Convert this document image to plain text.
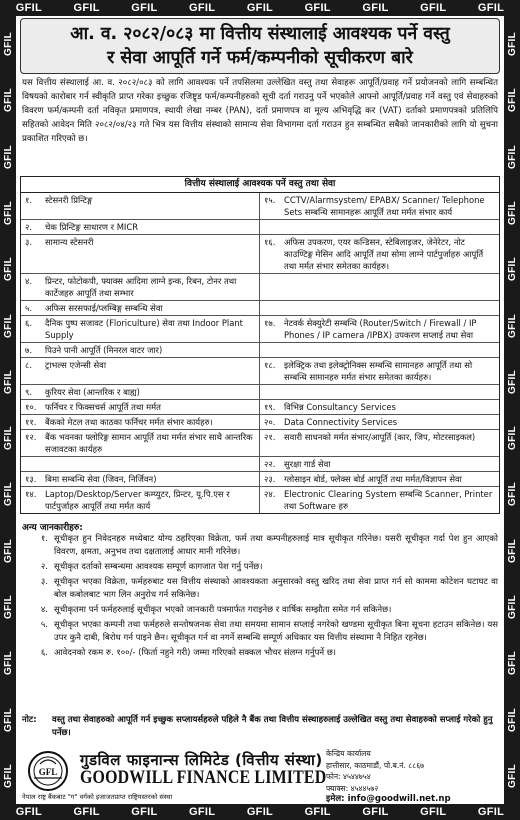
GFIL	GFIL	GFIL	GFIL	GFIL	GFIL	GFIL	GFIL	GFIL
GFIL	GFIL	GFIL	GFIL	GFIL	GFIL	GFIL	GFIL	GFIL
GFIL
GFIL
GFIL
GFIL
GFIL
GFIL
GFIL
GFIL
GFIL
GFIL
GFIL
GFIL
GFIL
GFIL
GFIL
GFIL
GFIL
GFIL
GFIL
GFIL
GFIL
GFIL
GFIL
GFIL
GFIL
GFIL
GFIL
GFIL
आ. व. २०८२/०८३ मा वित्तीय संस्थालाई आवश्यक पर्ने वस्तु
र सेवा आपूर्ति गर्ने फर्म/कम्पनीको सूचीकरण बारे
यस वित्तीय संस्थालाई आ. व. २०८२/०८३ को लागि आवश्यक पर्ने तपसिलमा उल्लेखित वस्तु तथा सेवाहरू आपूर्ति/प्रवाह गर्ने प्रयोजनको लागि सम्बन्धित विषयको कारोबार गर्न स्वीकृति प्राप्त गरेका इच्छुक रजिष्ट्र्ड फर्म/कम्पनीहरुको सूची दर्ता गराउनु पर्ने भएकोले आफ्नो आपूर्ति/प्रवाह गर्ने वस्तु एवं सेवाहरुको विवरण फर्म/कम्पनी दर्ता नविकृत प्रमाणपत्र, स्थायी लेखा नम्बर (PAN), दर्ता प्रमाणपत्र वा मूल्य अभिवृद्धि कर (VAT) दर्ताको प्रमाणपत्रको प्रतिलिपि सहितको आवेदन मिति २०८२/०४/२३ गते भित्र यस वित्तीय संस्थाको सामान्य सेवा विभागमा दर्ता गराउन हुन सम्बन्धित सबैको जानकारीको लागि यो सुचना प्रकाशित गरिएको छ।
वित्तीय संस्थालाई आवश्यक पर्ने वस्तु तथा सेवा
१.	स्टेसनरी प्रिन्टिङ्ग	१५.	CCTV/Alarmsystem/ EPABX/ Scanner/ Telephone Sets सम्बन्धि सामानहरू आपूर्ति तथा मर्मत संभार कार्य
२.	चेक प्रिन्टिङ्ग साधारण र MICR
३.	सामान्य स्टेसनरी	१६.	अफिस उपकरण, एयर कन्डिसन, स्टेबिलाइजर, जेनेरेटर, नोट काउण्टिङ्ग मेसिन आदि आपूर्ति तथा सोमा लाग्ने पार्टपुर्जाहरु आपूर्ति तथा मर्मत संभार समेतका कार्यहरु।
४.	प्रिन्टर, फोटोकपी, फ्याक्स आदिमा लाग्ने इन्क, रिबन, टोनर तथा कार्टेजहरु आपूर्ति तथा सम्भार
५.	अफिस सरसफाई/प्लम्बिङ्ग सम्बन्धि सेवा
६.	दैनिक पुष्प सजावट (Floriculture) सेवा तथा Indoor Plant Supply
१७.	नेटवर्क सेक्युरेटी सम्बन्धि (Router/Switch / Firewall / IP Phones / IP camera /IPBX) उपकरण सप्लाई तथा सेवा
७.	पिउने पानी आपूर्ति (मिनरल वाटर जार)
८.	ट्राभल्स एजेन्सी सेवा	१८.	इलेक्ट्रिक तथा इलेक्ट्रोनिक्स सम्बन्धि सामानहरु आपूर्ति तथा सो सम्बन्धि सामानहरु मर्मत संभार समेतका कार्यहरु।
९.	कुरियर सेवा (आन्तरिक र बाह्य)
१०.	फर्निचर र फिक्सचर्स आपूर्ति तथा मर्मत	१९.	विभिन्न Consultancy Services
११.	बैंकको मेटल तथा काठका फर्निचर मर्मत संभार कार्यहरु।	२०.	Data Connectivity Services
१२.	बैंक भवनका फ्लोरिङ्ग सामान आपूर्ति तथा मर्मत संभार साथै आन्तरिक सजावटका कार्यहरु
२१.	सवारी साधनको मर्मत संभार/आपूर्ति (कार, जिप, मोटरसाइकल)
२२.	सुरक्षा गार्ड सेवा
१३.	बिमा सम्बन्धि सेवा (जिवन, निर्जिवन)	२३.	ग्लोसाइन बोर्ड, फ्लेक्स बोर्ड आपूर्ति तथा मर्मत/विज्ञापन सेवा
१४.	Laptop/Desktop/Server कम्प्युटर, प्रिन्टर, यू.पि.एस र पार्टपुर्जाहरु आपूर्ति तथा मर्मत कार्य
२४.	Electronic Clearing System सम्बन्धि Scanner, Printer तथा Software हरु
अन्य जानकारीहरु:
१. सूचीकृत हुन निवेदनहरु मध्येबाट योग्य ठहरिएका विक्रेता, फर्म तथा कम्पनीहरुलाई मात्र सूचीकृत गरिनेछ। यसरी सूचीकृत गर्दा पेश हुन आएको विवरण, क्षमता, अनुभव तथा दक्षतालाई आधार मानी गरिनेछ।
२. सूचीकृत दर्ताको सम्बन्धमा आवश्यक सम्पूर्ण कागजात पेश गर्नु पर्नेछ।
३. सूचीकृत भएका विक्रेता, फर्महरुबाट यस वित्तीय संस्थाको आवश्यकता अनुसारको वस्तु खरिद तथा सेवा प्राप्त गर्न सो काममा कोटेशन घटाघट वा बोल कबोलबाट भाग लिन अनुरोध गर्न सकिनेछ।
४. सूचीकृतमा पर्न फर्महरुलाई सूचीकृत भएको जानकारी पत्रमार्फत गराइनेछ र वार्षिक सम्झौता समेत गर्न सकिनेछ।
५. सूचीकृत भएका कम्पनी तथा फर्महरुले सन्तोषजनक सेवा तथा समयमा सामान सप्लाई नगरेको खण्डमा सूचीकृत बिना सूचना हटाउन सकिनेछ। यस उपर कुनै दाबी, बिरोध गर्न पाइने छैन। सूचीकृत गर्न वा नगर्ने सम्बन्धि सम्पूर्ण अधिकार यस वित्तीय संस्थामा नै निहित रहनेछ।
६. आवेदनको रकम रु. १००/- (फिर्ता नहुने गरी) जम्मा गरिएको सक्कल भौचर संलग्न गर्नुपर्ने छ।
नोट:	वस्तु तथा सेवाहरुको आपूर्ति गर्न इच्छुक सप्लायर्सहरुले पहिले नै बैंक तथा वित्तीय संस्थाहरुलाई उल्लेखित वस्तु तथा सेवाहरुको सप्लाई गरेको हुनु पर्नेछ।
GFL
गुडविल फाइनान्स लिमिटेड (वित्तीय संस्था)
GOODWILL FINANCE LIMITED
नेपाल राष्ट्र बैंकबाट "ग" वर्गको इजाजतप्राप्त राष्ट्रियस्तरको संस्था
केन्द्रिय कार्यालय
हात्तीसार, काठमाडौं, पो.ब.नं. ८८६७
फोन: ४५४४७५४
फ्याक्स: ४५४४५७२
इमेल: info@goodwill.net.np
